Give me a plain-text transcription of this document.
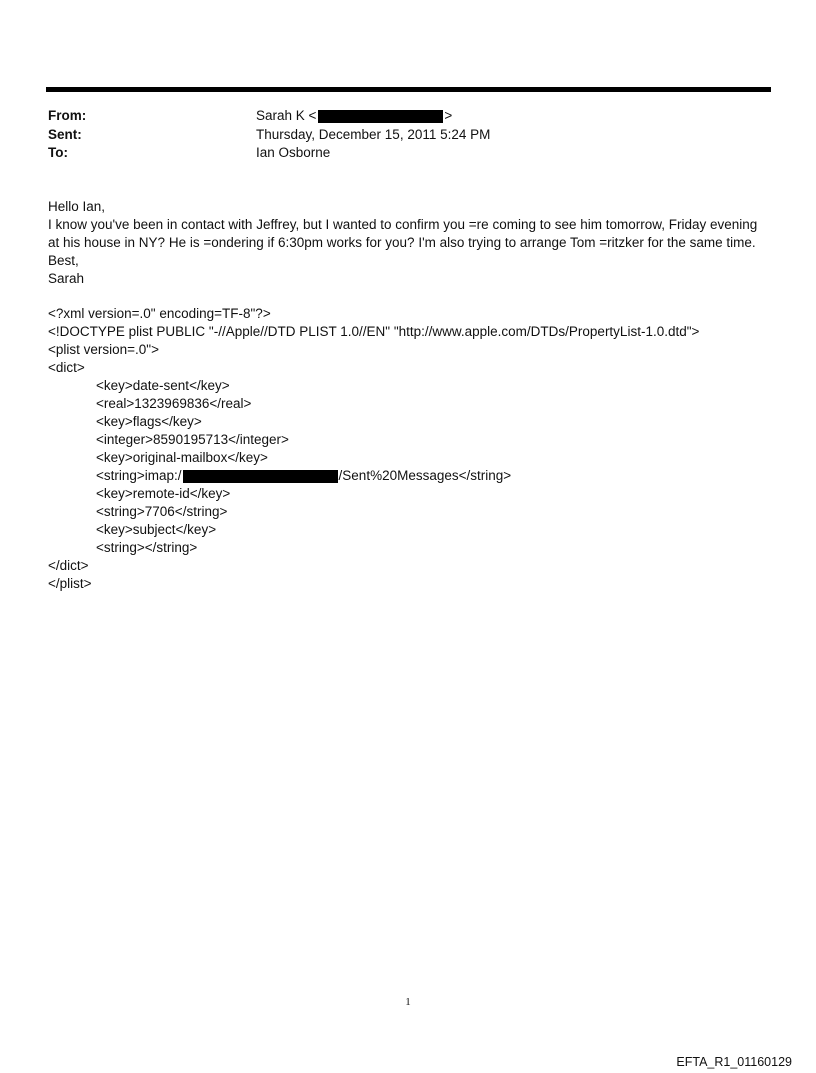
From:	Sarah K <	>
Sent:	Thursday, December 15, 2011 5:24 PM
To:	Ian Osborne
Hello Ian,
I know you've been in contact with Jeffrey, but I wanted to confirm you =re coming to see him tomorrow, Friday evening
at his house in NY? He is =ondering if 6:30pm works for you? I'm also trying to arrange Tom =ritzker for the same time.
Best,
Sarah
<?xml version=.0" encoding=TF-8"?>
<!DOCTYPE plist PUBLIC "-//Apple//DTD PLIST 1.0//EN" "http://www.apple.com/DTDs/PropertyList-1.0.dtd">
<plist version=.0">
<dict>
<key>date-sent</key>
<real>1323969836</real>
<key>flags</key>
<integer>8590195713</integer>
<key>original-mailbox</key>
<string>imap:/	/Sent%20Messages</string>
<key>remote-id</key>
<string>7706</string>
<key>subject</key>
<string></string>
</dict>
</plist>
1
EFTA_R1_01160129
